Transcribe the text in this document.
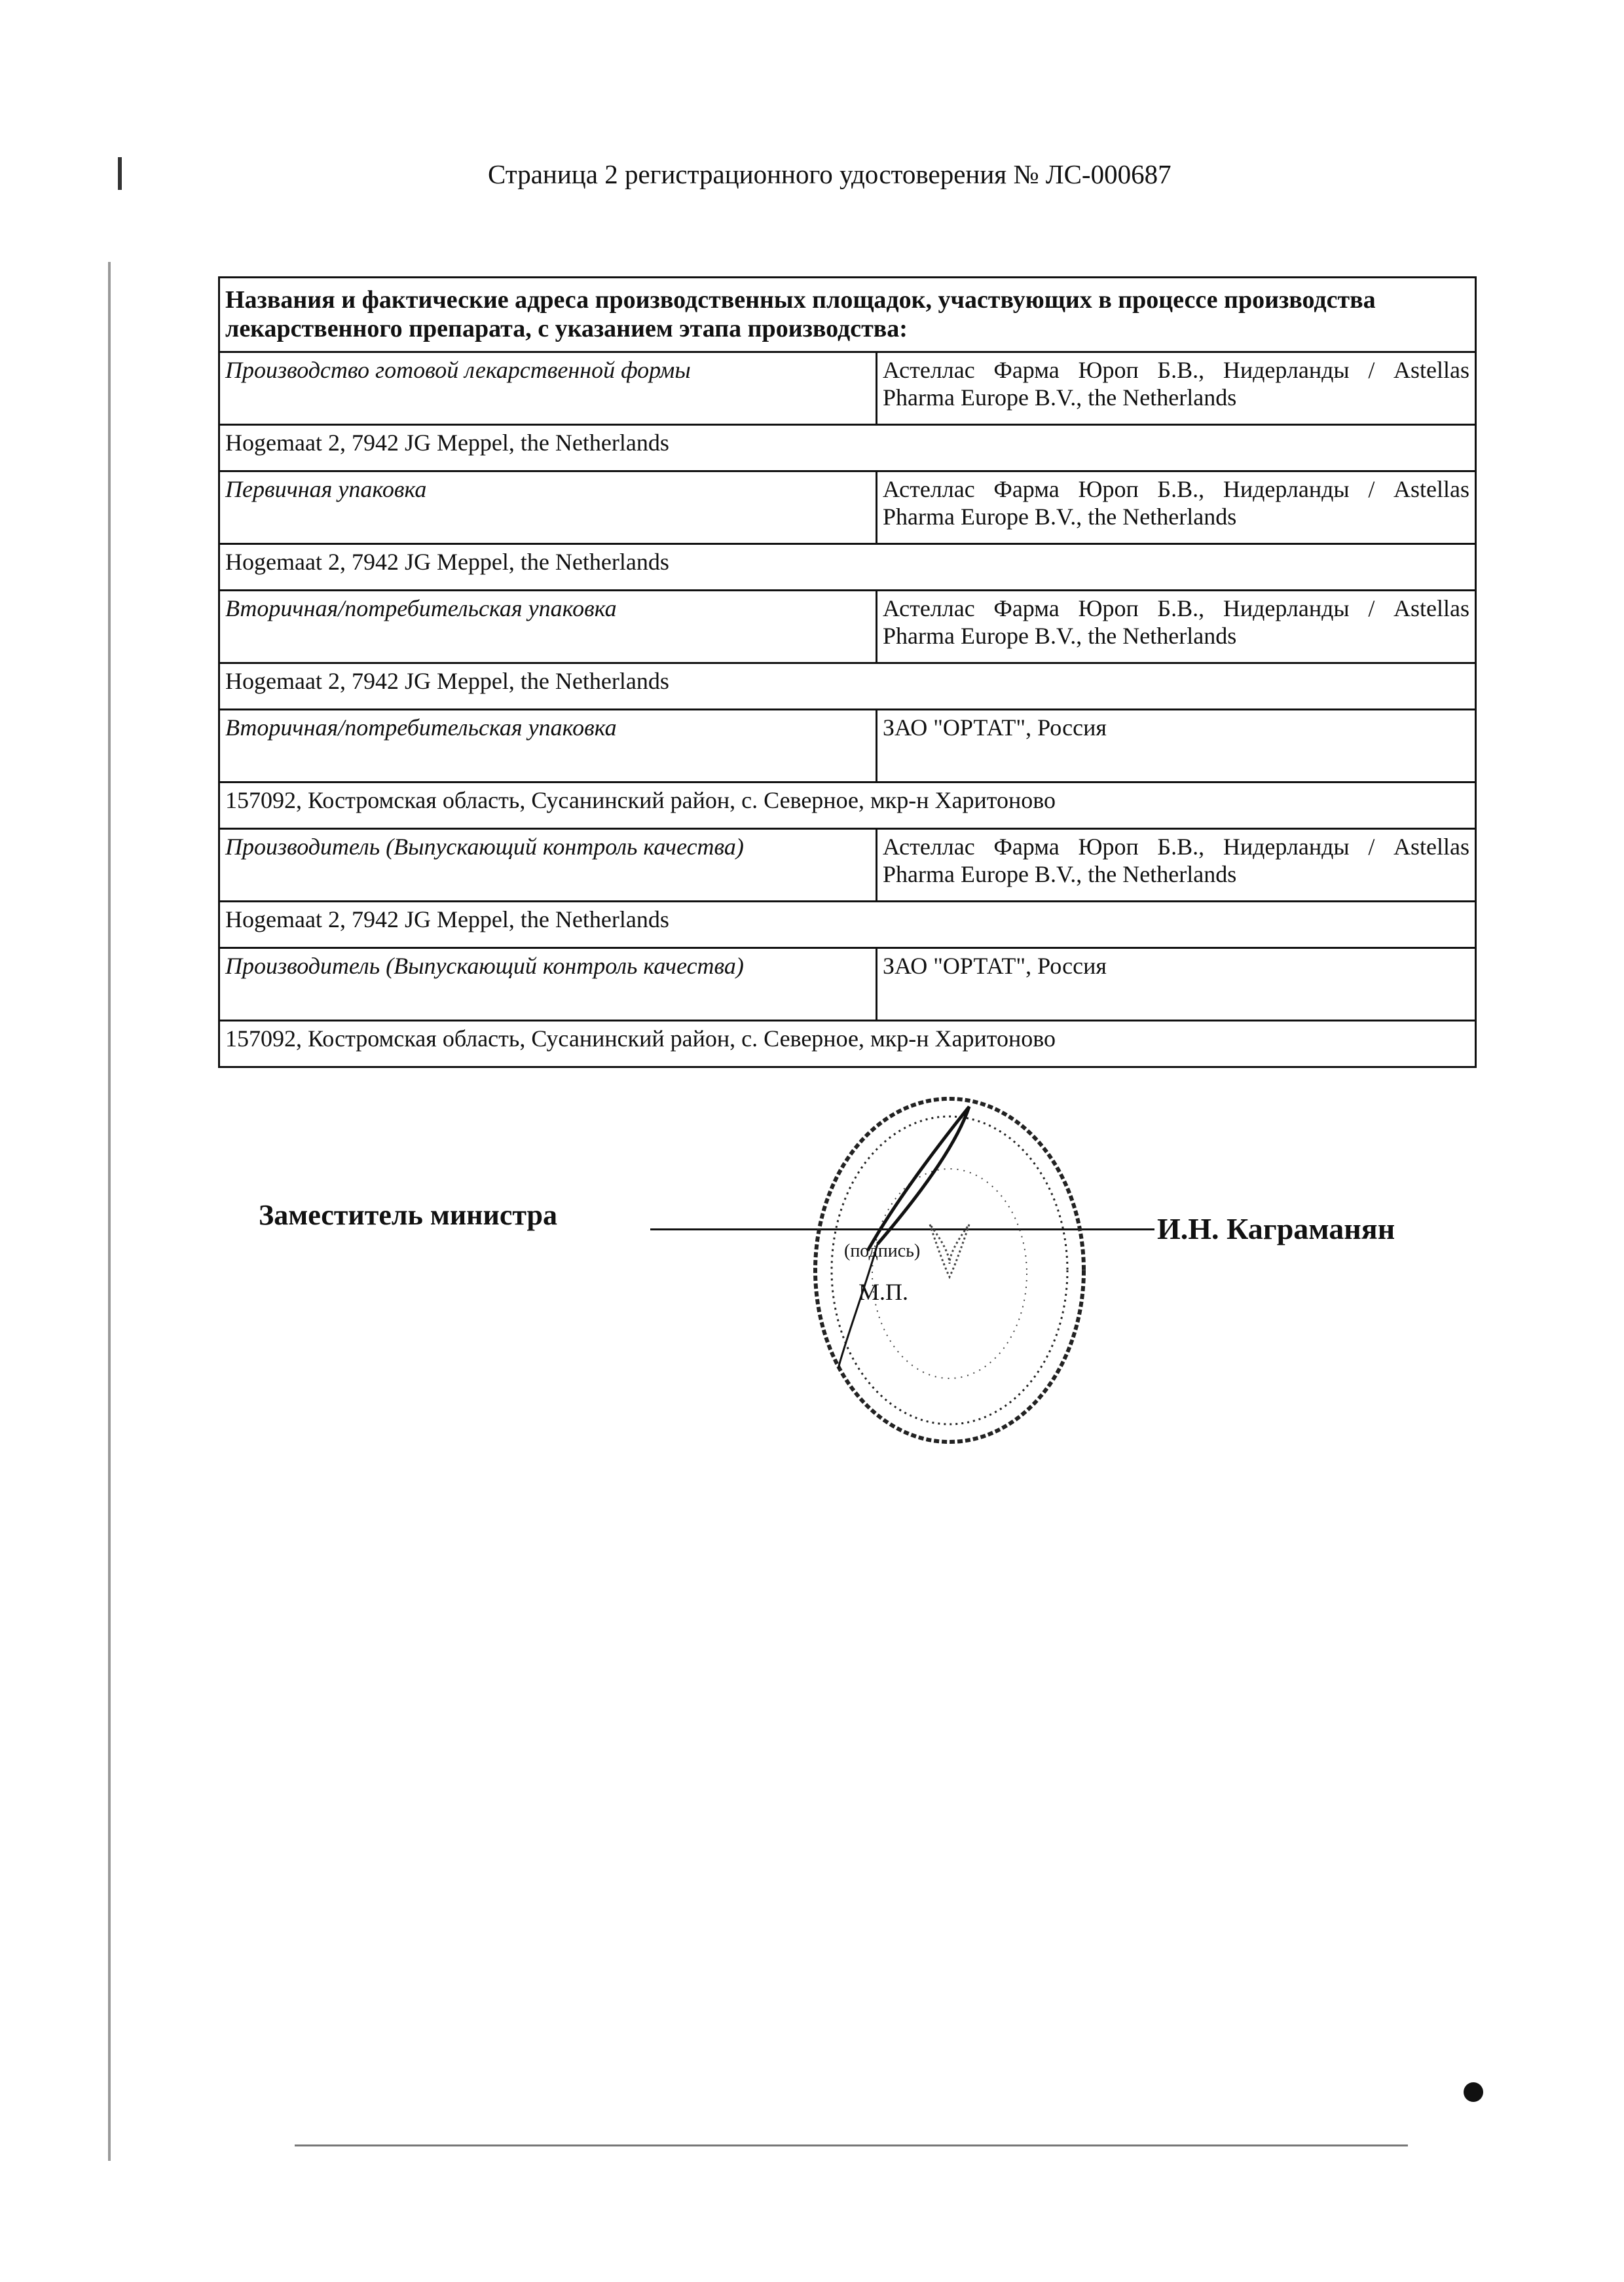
Страница 2 регистрационного удостоверения № ЛС-000687
Названия и фактические адреса производственных площадок, участвующих в процессе производства лекарственного препарата, с указанием этапа производства:	
Производство готовой лекарственной формы	Астеллас Фарма Юроп Б.В., Нидерланды / Astellas Pharma Europe B.V., the Netherlands
Hogemaat 2, 7942 JG Meppel, the Netherlands	
Первичная упаковка	Астеллас Фарма Юроп Б.В., Нидерланды / Astellas Pharma Europe B.V., the Netherlands
Hogemaat 2, 7942 JG Meppel, the Netherlands	
Вторичная/потребительская упаковка	Астеллас Фарма Юроп Б.В., Нидерланды / Astellas Pharma Europe B.V., the Netherlands
Hogemaat 2, 7942 JG Meppel, the Netherlands	
Вторичная/потребительская упаковка	ЗАО "ОРТАТ", Россия
157092, Костромская область, Сусанинский район, с. Северное, мкр-н Харитоново	
Производитель (Выпускающий контроль качества)	Астеллас Фарма Юроп Б.В., Нидерланды / Astellas Pharma Europe B.V., the Netherlands
Hogemaat 2, 7942 JG Meppel, the Netherlands	
Производитель (Выпускающий контроль качества)	ЗАО "ОРТАТ", Россия
157092, Костромская область, Сусанинский район, с. Северное, мкр-н Харитоново	
Заместитель министра
(подпись)
М.П.
И.Н. Каграманян
